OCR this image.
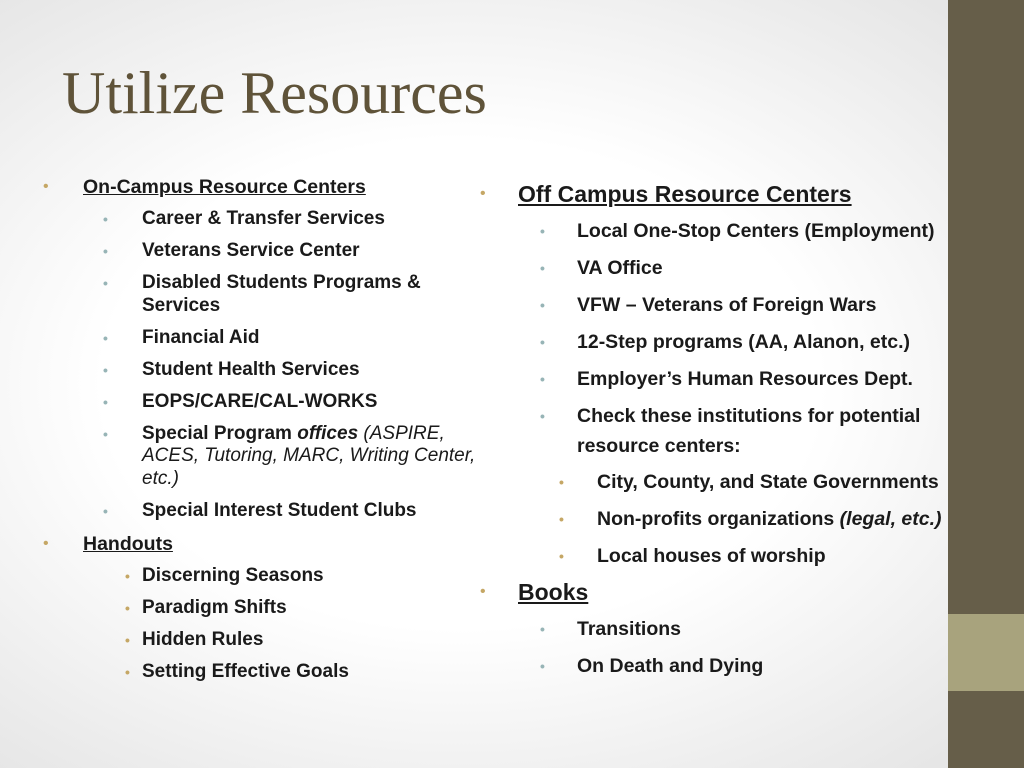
Utilize Resources
• On-Campus Resource Centers
• Career & Transfer Services
• Veterans Service Center
• Disabled Students Programs & Services
• Financial Aid
• Student Health Services
• EOPS/CARE/CAL-WORKS
• Special Program offices (ASPIRE, ACES, Tutoring, MARC, Writing Center, etc.)
• Special Interest Student Clubs
• Handouts
• Discerning Seasons
• Paradigm Shifts
• Hidden Rules
• Setting Effective Goals
• Off Campus Resource Centers
• Local One-Stop Centers (Employment)
• VA Office
• VFW – Veterans of Foreign Wars
• 12-Step programs (AA, Alanon, etc.)
• Employer’s Human Resources Dept.
• Check these institutions for potential resource centers:
• City, County, and State Governments
• Non-profits organizations (legal, etc.)
• Local houses of worship
• Books
• Transitions
• On Death and Dying
